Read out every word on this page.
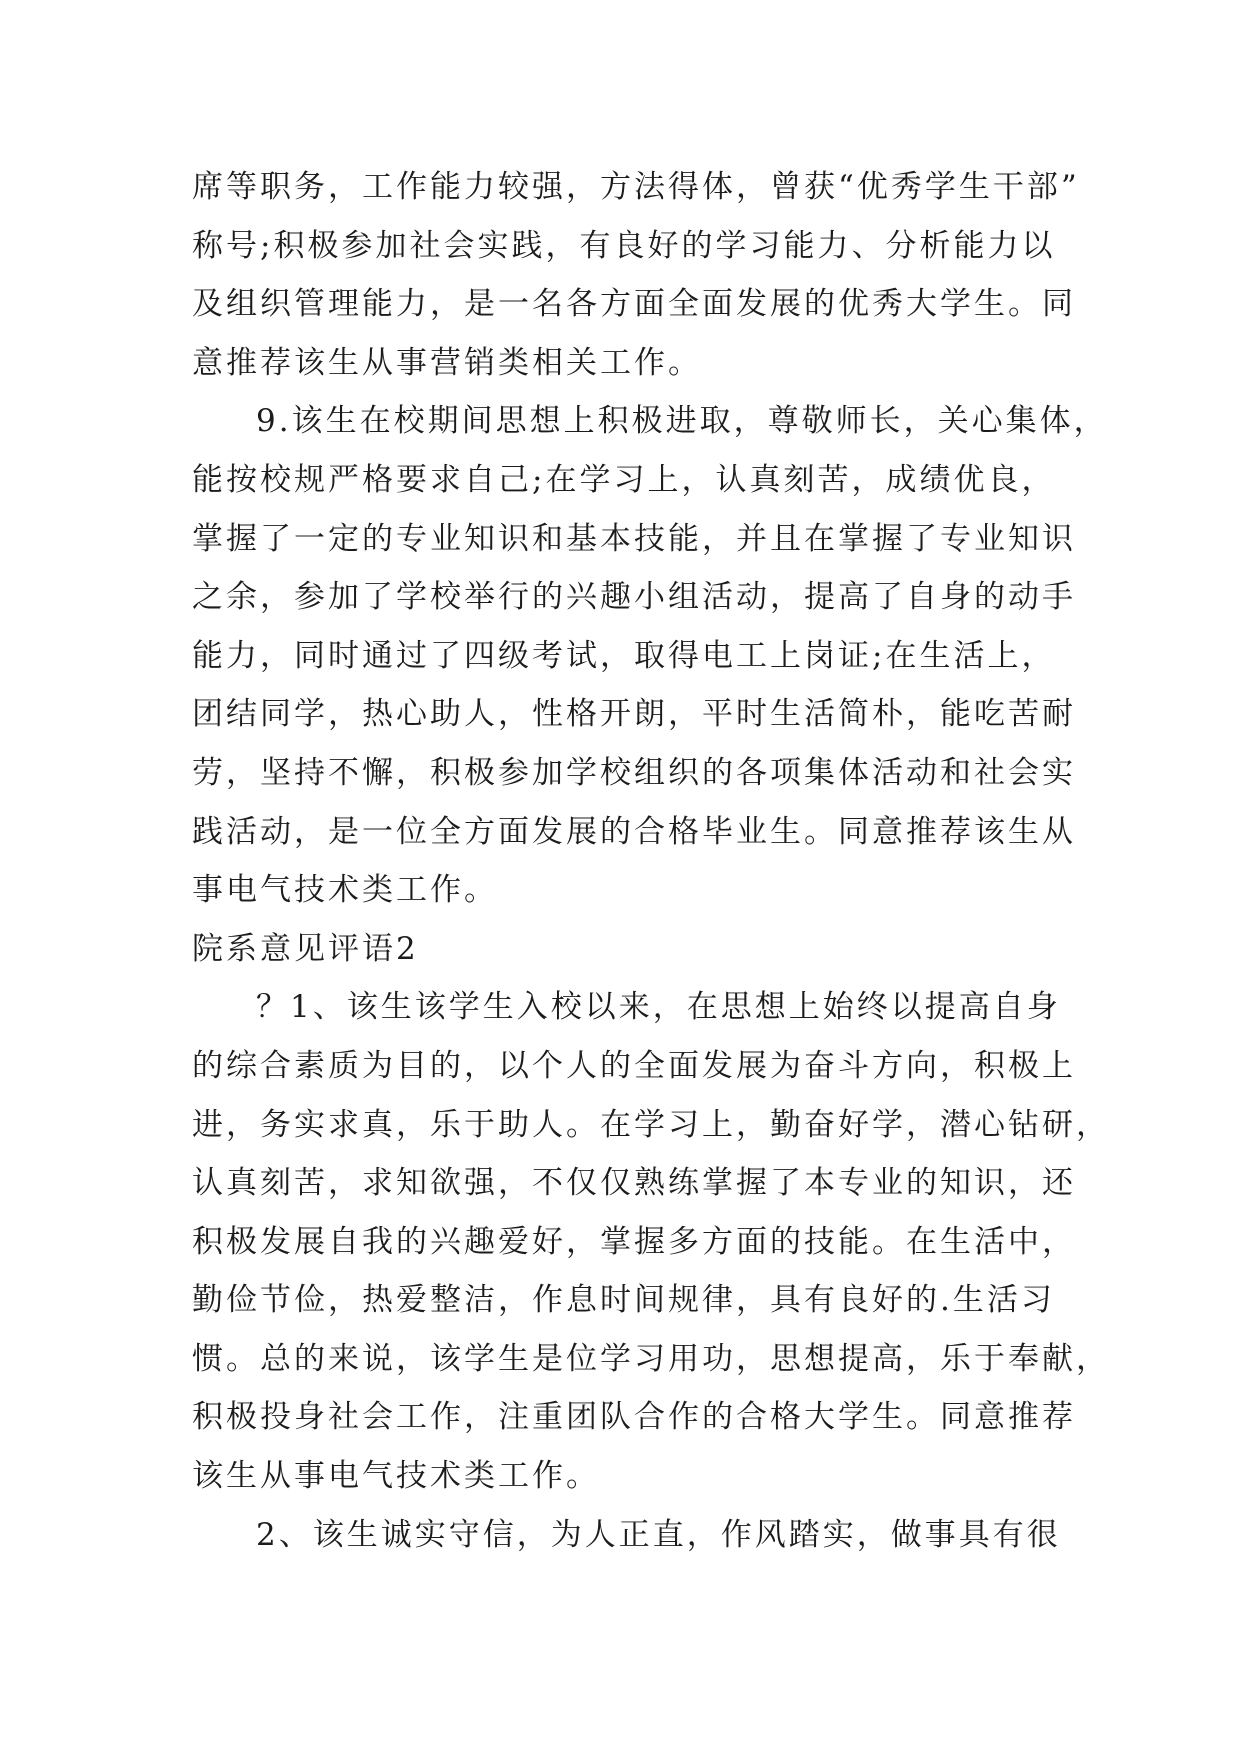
席等职务，工作能力较强，方法得体，曾获“优秀学生干部”
称号;积极参加社会实践，有良好的学习能力、分析能力以
及组织管理能力，是一名各方面全面发展的优秀大学生。同
意推荐该生从事营销类相关工作。
9.该生在校期间思想上积极进取，尊敬师长，关心集体，
能按校规严格要求自己;在学习上，认真刻苦，成绩优良，
掌握了一定的专业知识和基本技能，并且在掌握了专业知识
之余，参加了学校举行的兴趣小组活动，提高了自身的动手
能力，同时通过了四级考试，取得电工上岗证;在生活上，
团结同学，热心助人，性格开朗，平时生活简朴，能吃苦耐
劳，坚持不懈，积极参加学校组织的各项集体活动和社会实
践活动，是一位全方面发展的合格毕业生。同意推荐该生从
事电气技术类工作。
院系意见评语2
？1、该生该学生入校以来，在思想上始终以提高自身
的综合素质为目的，以个人的全面发展为奋斗方向，积极上
进，务实求真，乐于助人。在学习上，勤奋好学，潜心钻研，
认真刻苦，求知欲强，不仅仅熟练掌握了本专业的知识，还
积极发展自我的兴趣爱好，掌握多方面的技能。在生活中，
勤俭节俭，热爱整洁，作息时间规律，具有良好的.生活习
惯。总的来说，该学生是位学习用功，思想提高，乐于奉献，
积极投身社会工作，注重团队合作的合格大学生。同意推荐
该生从事电气技术类工作。
2、该生诚实守信，为人正直，作风踏实，做事具有很
